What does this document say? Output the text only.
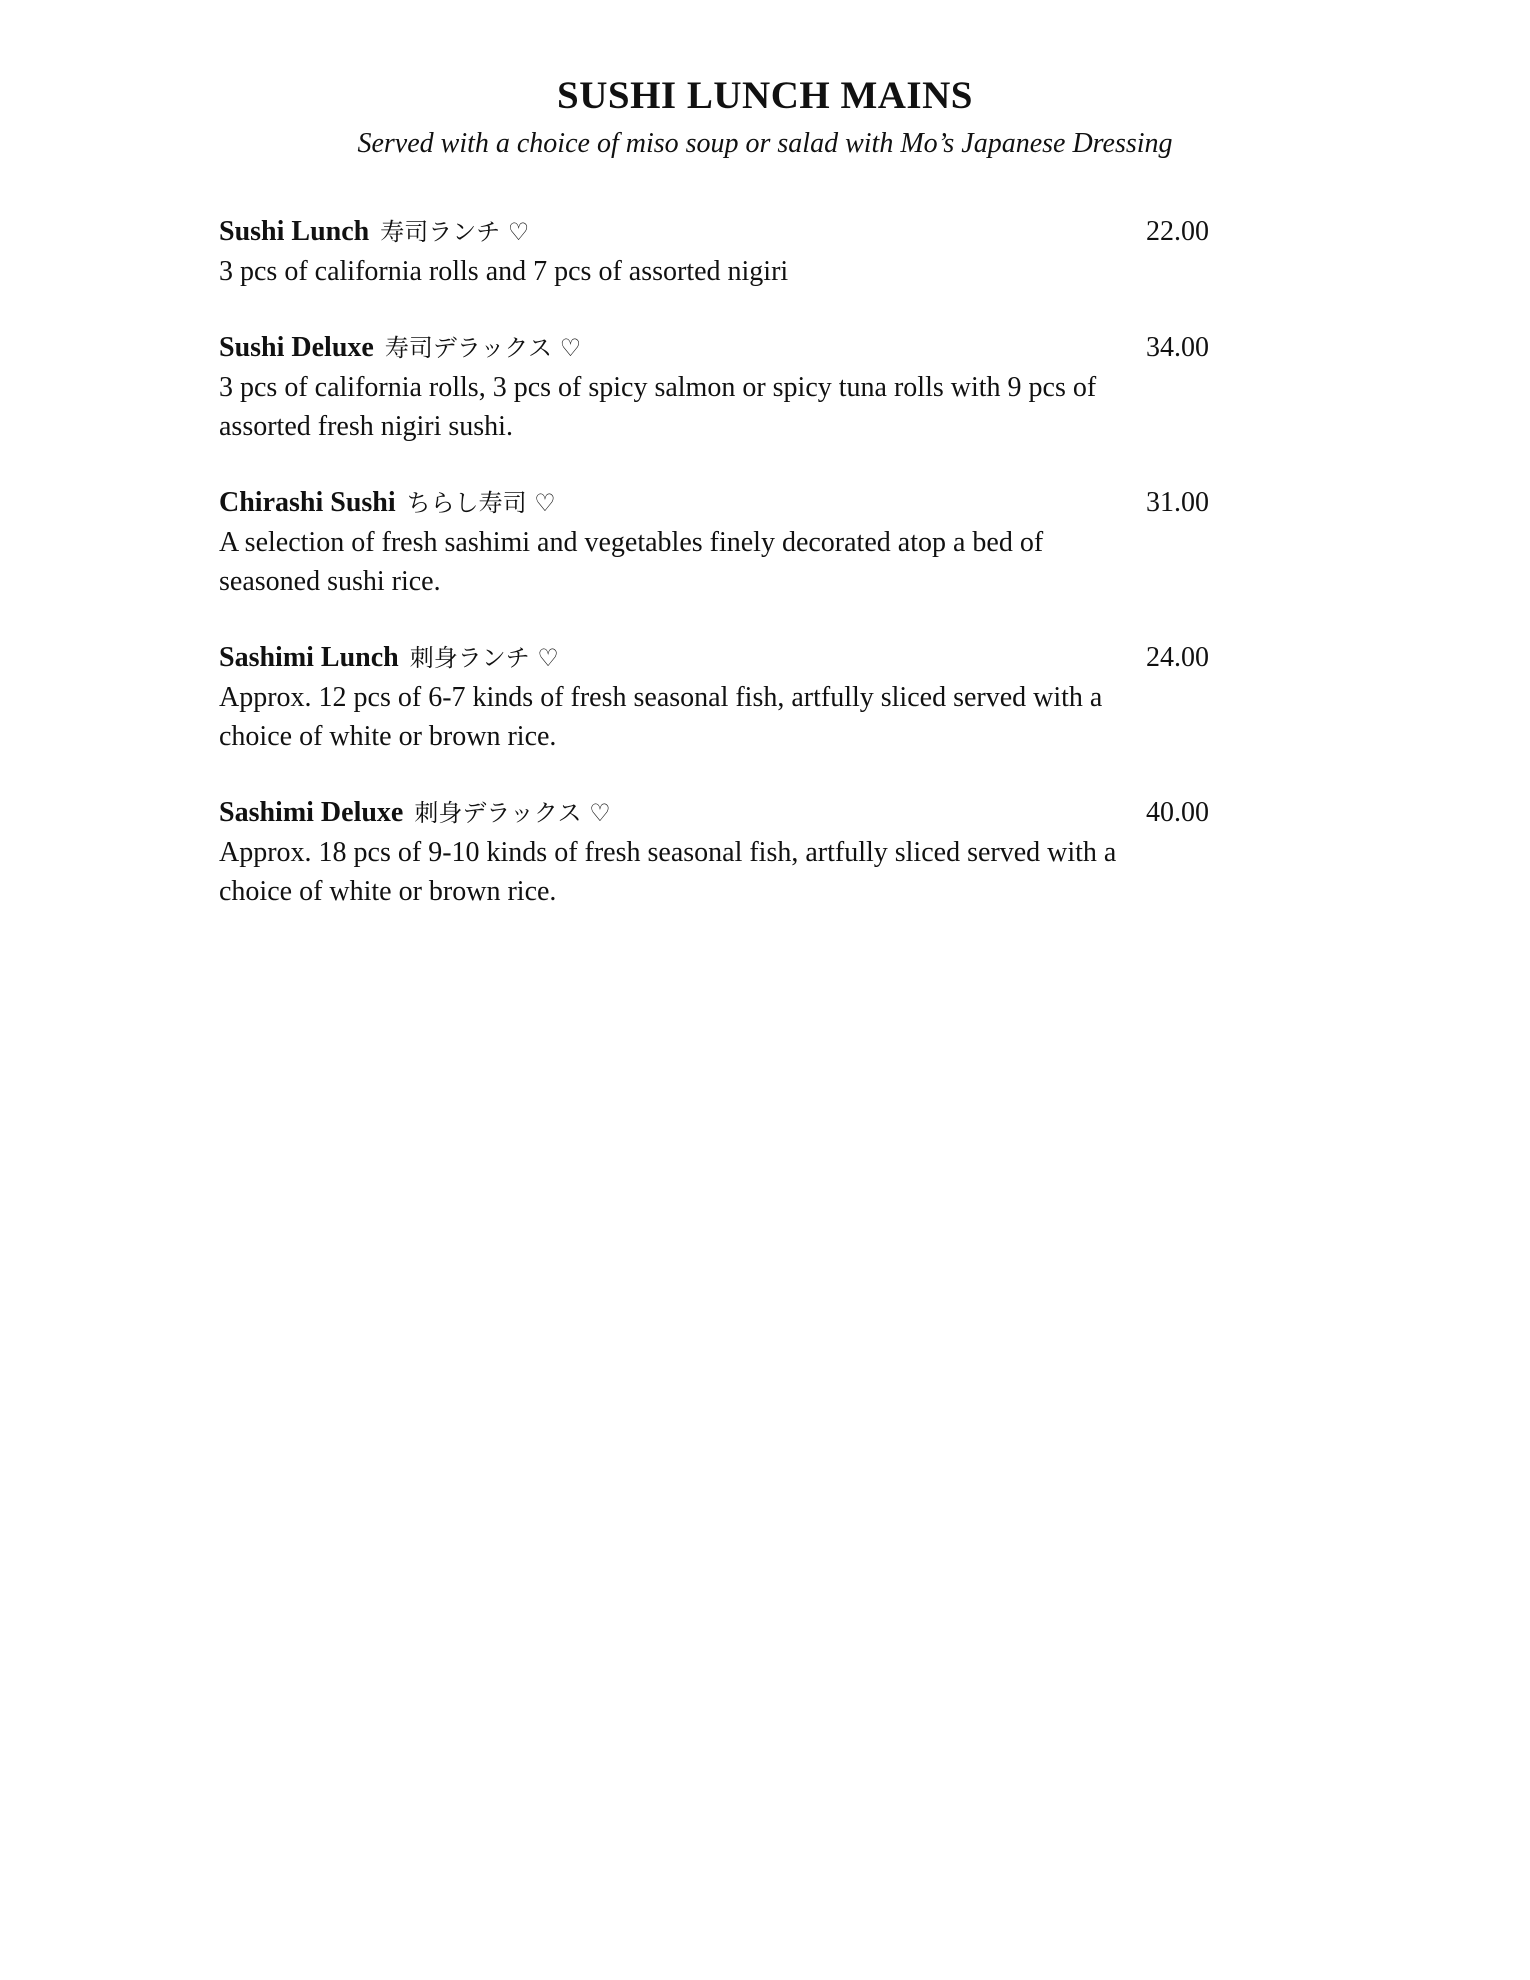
SUSHI LUNCH MAINS

Served with a choice of miso soup or salad with Mo’s Japanese Dressing

Sushi Lunch 寿司ランチ ♡	22.00

3 pcs of california rolls and 7 pcs of assorted nigiri

Sushi Deluxe 寿司デラックス ♡	34.00

3 pcs of california rolls, 3 pcs of spicy salmon or spicy tuna rolls with 9 pcs of assorted fresh nigiri sushi.

Chirashi Sushi ちらし寿司 ♡	31.00

A selection of fresh sashimi and vegetables finely decorated atop a bed of seasoned sushi rice.

Sashimi Lunch 刺身ランチ ♡	24.00

Approx. 12 pcs of 6-7 kinds of fresh seasonal fish, artfully sliced served with a choice of white or brown rice.

Sashimi Deluxe 刺身デラックス ♡	40.00

Approx. 18 pcs of 9-10 kinds of fresh seasonal fish, artfully sliced served with a choice of white or brown rice.
